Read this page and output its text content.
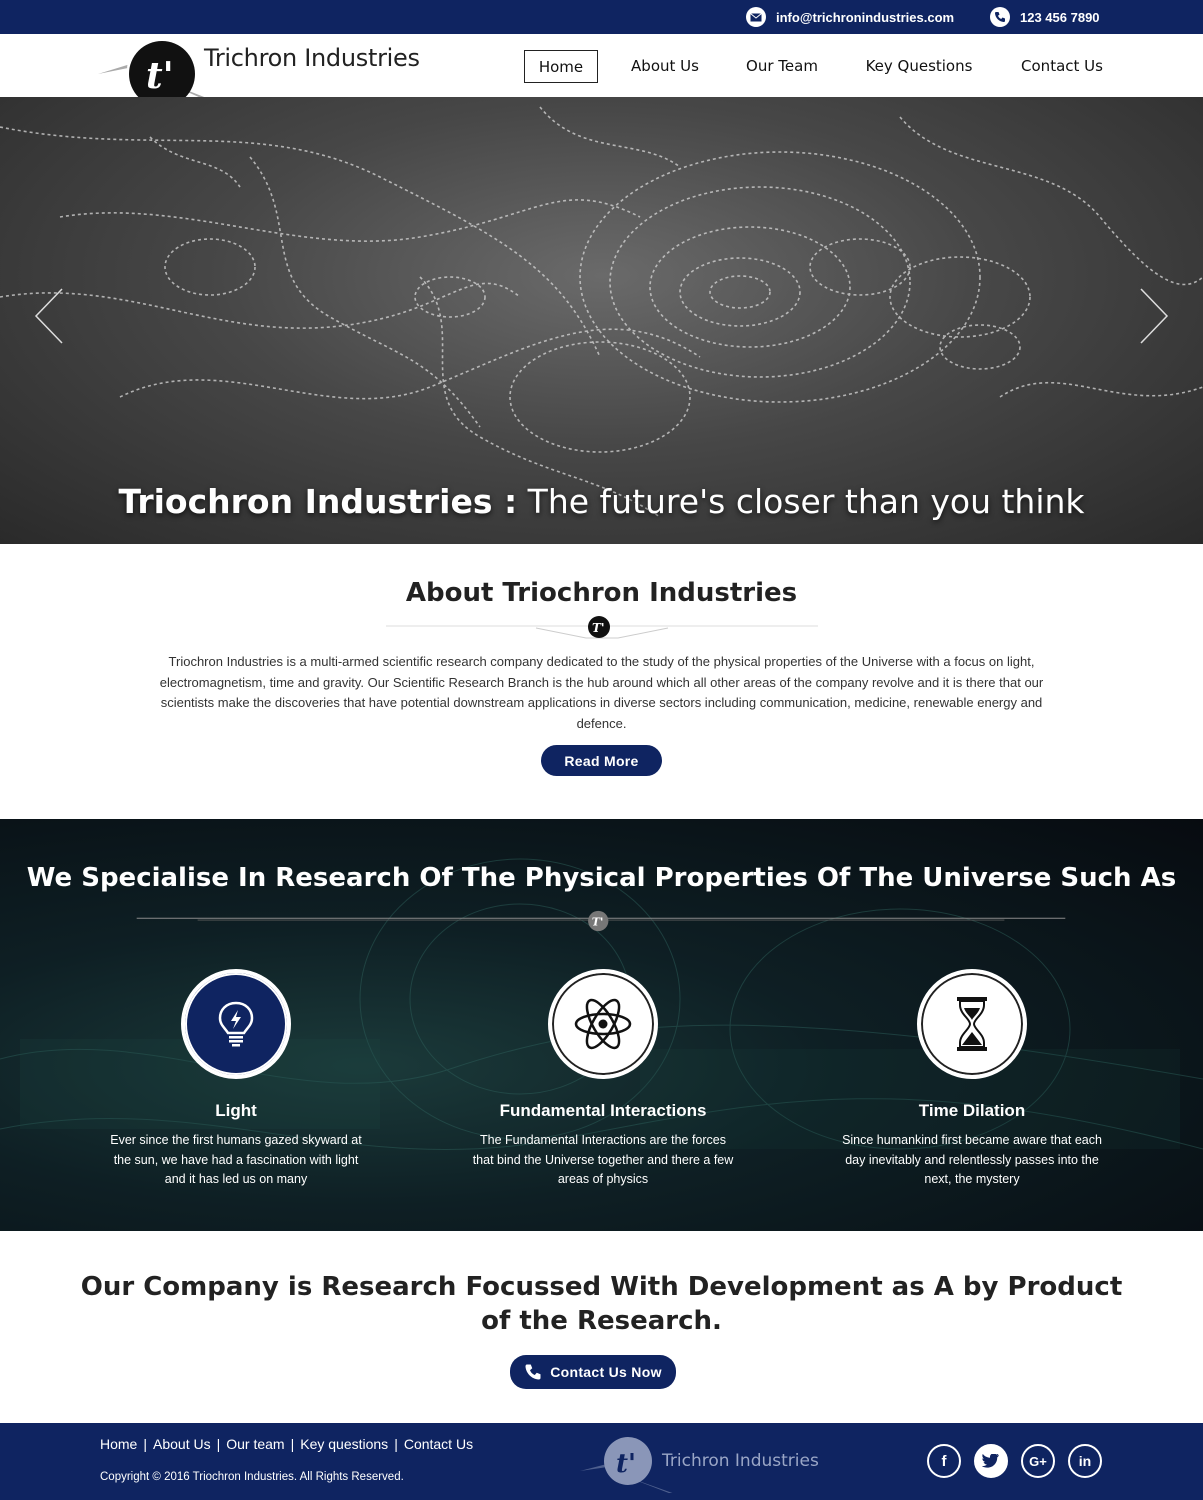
info@trichronindustries.com	123 456 7890
t' Trichron Industries	Home	About Us	Our Team	Key Questions	Contact Us
Triochron Industries : The future's closer than you think
About Triochron Industries
T'

Triochron Industries is a multi-armed scientific research company dedicated to the study of the physical properties of the Universe with a focus on light, electromagnetism, time and gravity. Our Scientific Research Branch is the hub around which all other areas of the company revolve and it is there that our scientists make the discoveries that have potential downstream applications in diverse sectors including communication, medicine, renewable energy and defence.

Read More
We Specialise In Research Of The Physical Properties Of The Universe Such As
T'
Light

Ever since the first humans gazed skyward at the sun, we have had a fascination with light and it has led us on many

Fundamental Interactions

The Fundamental Interactions are the forces that bind the Universe together and there a few areas of physics

Time Dilation

Since humankind first became aware that each day inevitably and relentlessly passes into the next, the mystery

Our Company is Research Focussed With Development as A by Product
of the Research.
Contact Us Now
Home | About Us | Our team | Key questions | Contact Us
Copyright © 2016 Triochron Industries. All Rights Reserved.	t' Trichron Industries	f	G+	in
